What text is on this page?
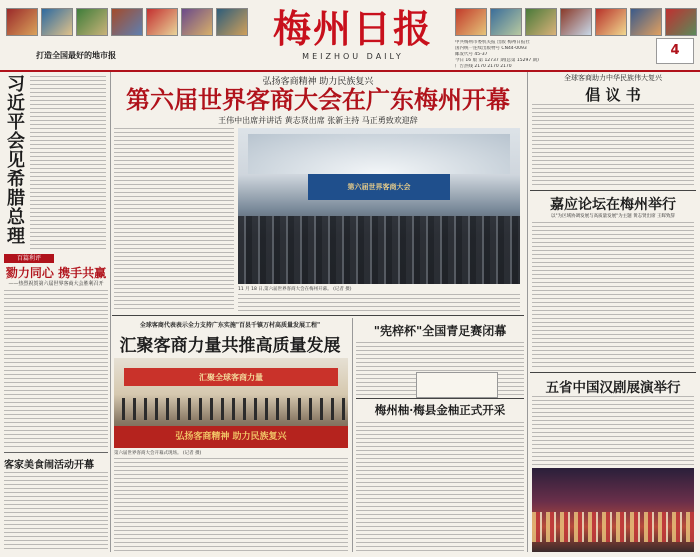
打造全国最好的地市报
梅州日报
MEIZHOU DAILY
中共梅州市委机关报 出版 梅州日报社
国内统一连续出版物号 CN44-0093
邮发代号 45-37
今日 16 版 第 12737 期(总第 15297 期)
广告热线 2170 2170 2170
4
习近平会见希腊总理
百篇利评
勠力同心 携手共赢
——热烈祝贺第六届世界客商大会胜利召开
客家美食闹活动开幕
弘扬客商精神 助力民族复兴
第六届世界客商大会在广东梅州开幕
王伟中出席并讲话 黄志贤出席 张新主持 马正勇致欢迎辞
第六届世界客商大会
11 月 18 日,第六届世界客商大会在梅州开幕。 (记者 摄)
全球客商代表表示全力支持广东实施"百县千镇万村高质量发展工程"
汇聚客商力量共推高质量发展
汇聚全球客商力量
弘扬客商精神 助力民族复兴
第六届世界客商大会开幕式现场。 (记者 摄)
"宪梓杯"全国青足赛闭幕
梅州柚·梅县金柚正式开采
全球客商助力中华民族伟大复兴
倡 议 书
嘉应论坛在梅州举行
以"为区域协调发展与高质量发展"为主题 黄志贤出席 王晖致辞
五省中国汉剧展演举行
